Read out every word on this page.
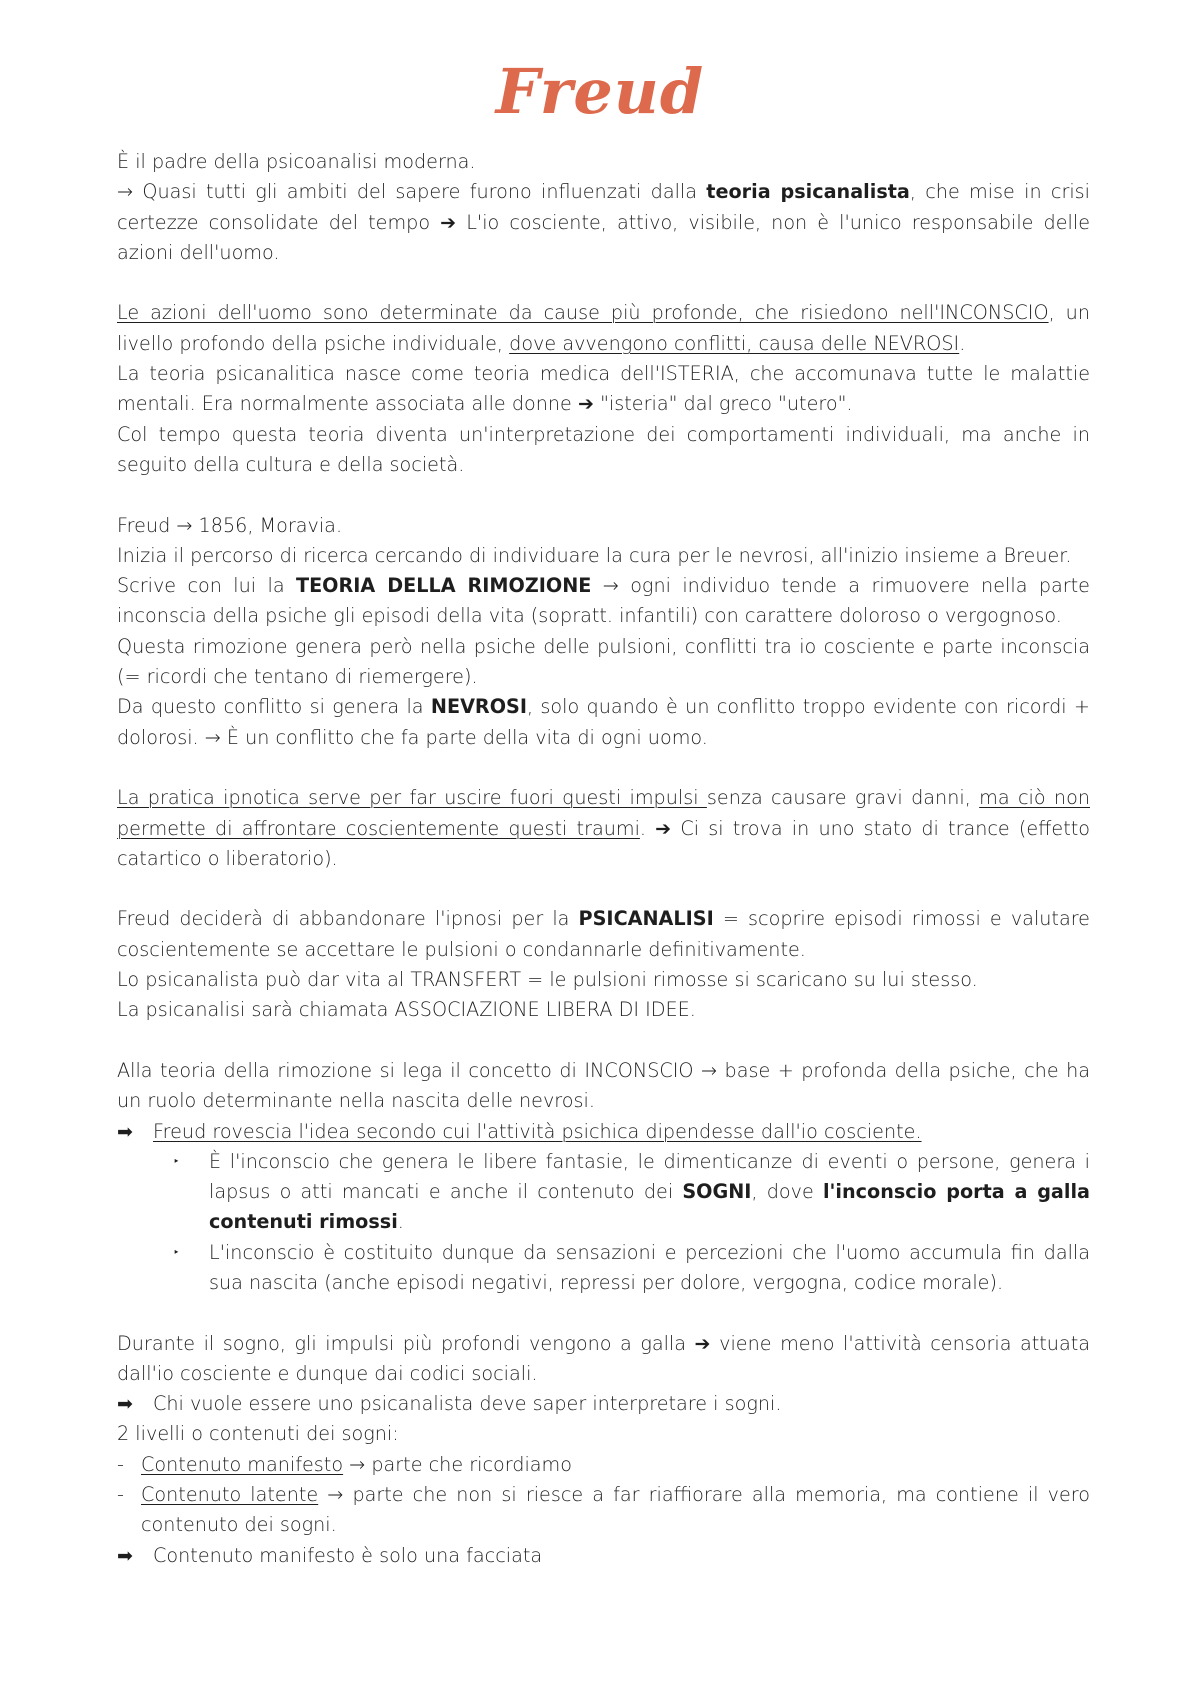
Freud

È il padre della psicoanalisi moderna.

→ Quasi tutti gli ambiti del sapere furono influenzati dalla teoria psicanalista, che mise in crisi certezze consolidate del tempo ➔ L'io cosciente, attivo, visibile, non è l'unico responsabile delle azioni dell'uomo.

Le azioni dell'uomo sono determinate da cause più profonde, che risiedono nell'INCONSCIO, un livello profondo della psiche individuale, dove avvengono conflitti, causa delle NEVROSI.

La teoria psicanalitica nasce come teoria medica dell'ISTERIA, che accomunava tutte le malattie mentali. Era normalmente associata alle donne ➔ "isteria" dal greco "utero".

Col tempo questa teoria diventa un'interpretazione dei comportamenti individuali, ma anche in seguito della cultura e della società.

Freud → 1856, Moravia.

Inizia il percorso di ricerca cercando di individuare la cura per le nevrosi, all'inizio insieme a Breuer.

Scrive con lui la TEORIA DELLA RIMOZIONE → ogni individuo tende a rimuovere nella parte inconscia della psiche gli episodi della vita (sopratt. infantili) con carattere doloroso o vergognoso.

Questa rimozione genera però nella psiche delle pulsioni, conflitti tra io cosciente e parte inconscia (= ricordi che tentano di riemergere).

Da questo conflitto si genera la NEVROSI, solo quando è un conflitto troppo evidente con ricordi + dolorosi. → È un conflitto che fa parte della vita di ogni uomo.

La pratica ipnotica serve per far uscire fuori questi impulsi senza causare gravi danni, ma ciò non permette di affrontare coscientemente questi traumi. ➔ Ci si trova in uno stato di trance (effetto catartico o liberatorio).

Freud deciderà di abbandonare l'ipnosi per la PSICANALISI = scoprire episodi rimossi e valutare coscientemente se accettare le pulsioni o condannarle definitivamente.

Lo psicanalista può dar vita al TRANSFERT = le pulsioni rimosse si scaricano su lui stesso.

La psicanalisi sarà chiamata ASSOCIAZIONE LIBERA DI IDEE.

Alla teoria della rimozione si lega il concetto di INCONSCIO → base + profonda della psiche, che ha un ruolo determinante nella nascita delle nevrosi.

➡	Freud rovescia l'idea secondo cui l'attività psichica dipendesse dall'io cosciente.

‣ È l'inconscio che genera le libere fantasie, le dimenticanze di eventi o persone, genera i lapsus o atti mancati e anche il contenuto dei SOGNI, dove l'inconscio porta a galla contenuti rimossi.

‣ L'inconscio è costituito dunque da sensazioni e percezioni che l'uomo accumula fin dalla sua nascita (anche episodi negativi, repressi per dolore, vergogna, codice morale).

Durante il sogno, gli impulsi più profondi vengono a galla ➔ viene meno l'attività censoria attuata dall'io cosciente e dunque dai codici sociali.

➡	Chi vuole essere uno psicanalista deve saper interpretare i sogni.

2 livelli o contenuti dei sogni:

- Contenuto manifesto → parte che ricordiamo

- Contenuto latente → parte che non si riesce a far riaffiorare alla memoria, ma contiene il vero contenuto dei sogni.

➡	Contenuto manifesto è solo una facciata
